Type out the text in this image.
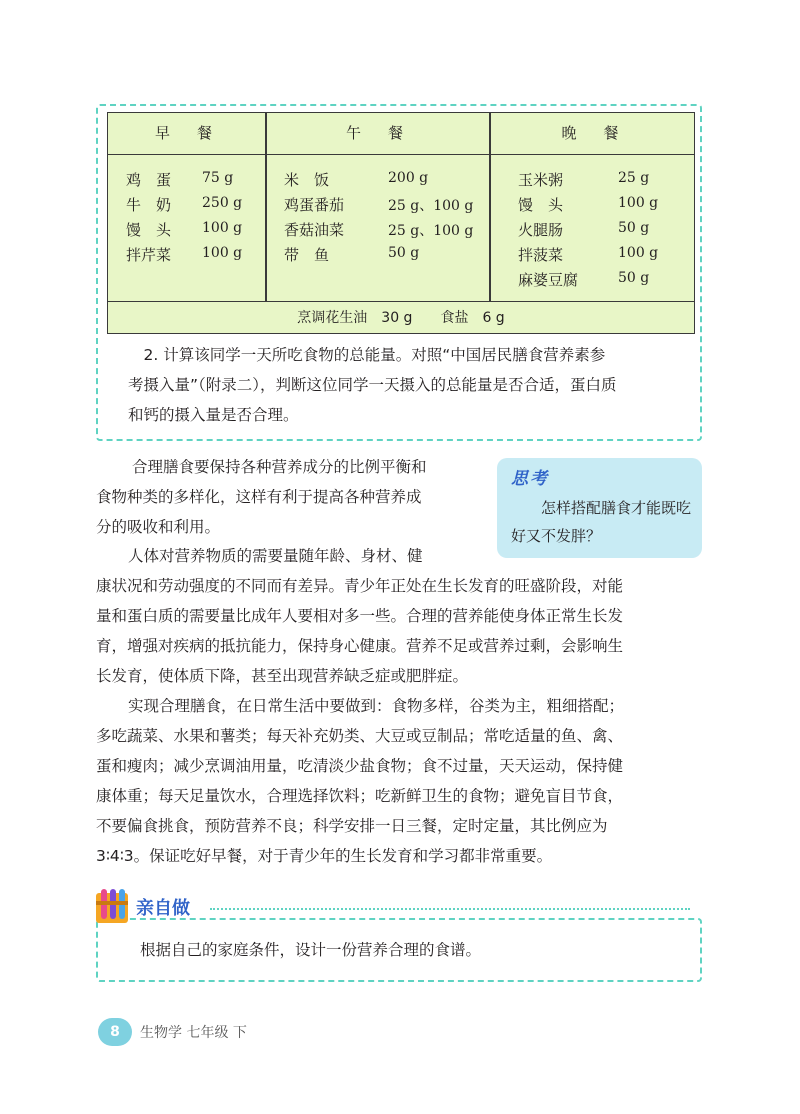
早　餐	午　餐	晚　餐
鸡　蛋 75 g
牛　奶 250 g
馒　头 100 g
拌芹菜 100 g
米　饭	200 g
鸡蛋番茄	25 g、100 g
香菇油菜	25 g、100 g
带　鱼	50 g
玉米粥	25 g
馒　头	100 g
火腿肠	50 g
拌菠菜	100 g
麻婆豆腐	50 g
烹调花生油　30 g　　食盐　6 g
　2. 计算该同学一天所吃食物的总能量。对照“中国居民膳食营养素参
考摄入量”（附录二），判断这位同学一天摄入的总能量是否合适，蛋白质
和钙的摄入量是否合理。
合理膳食要保持各种营养成分的比例平衡和
食物种类的多样化，这样有利于提高各种营养成
分的吸收和利用。
思考
　　怎样搭配膳食才能既吃好又不发胖？
人体对营养物质的需要量随年龄、身材、健
康状况和劳动强度的不同而有差异。青少年正处在生长发育的旺盛阶段，对能
量和蛋白质的需要量比成年人要相对多一些。合理的营养能使身体正常生长发
育，增强对疾病的抵抗能力，保持身心健康。营养不足或营养过剩，会影响生
长发育，使体质下降，甚至出现营养缺乏症或肥胖症。
实现合理膳食，在日常生活中要做到：食物多样，谷类为主，粗细搭配；
多吃蔬菜、水果和薯类；每天补充奶类、大豆或豆制品；常吃适量的鱼、禽、
蛋和瘦肉；减少烹调油用量，吃清淡少盐食物；食不过量，天天运动，保持健
康体重；每天足量饮水，合理选择饮料；吃新鲜卫生的食物；避免盲目节食，
不要偏食挑食，预防营养不良；科学安排一日三餐，定时定量，其比例应为
3∶4∶3。保证吃好早餐，对于青少年的生长发育和学习都非常重要。
亲自做
根据自己的家庭条件，设计一份营养合理的食谱。
8	生物学 七年级 下
